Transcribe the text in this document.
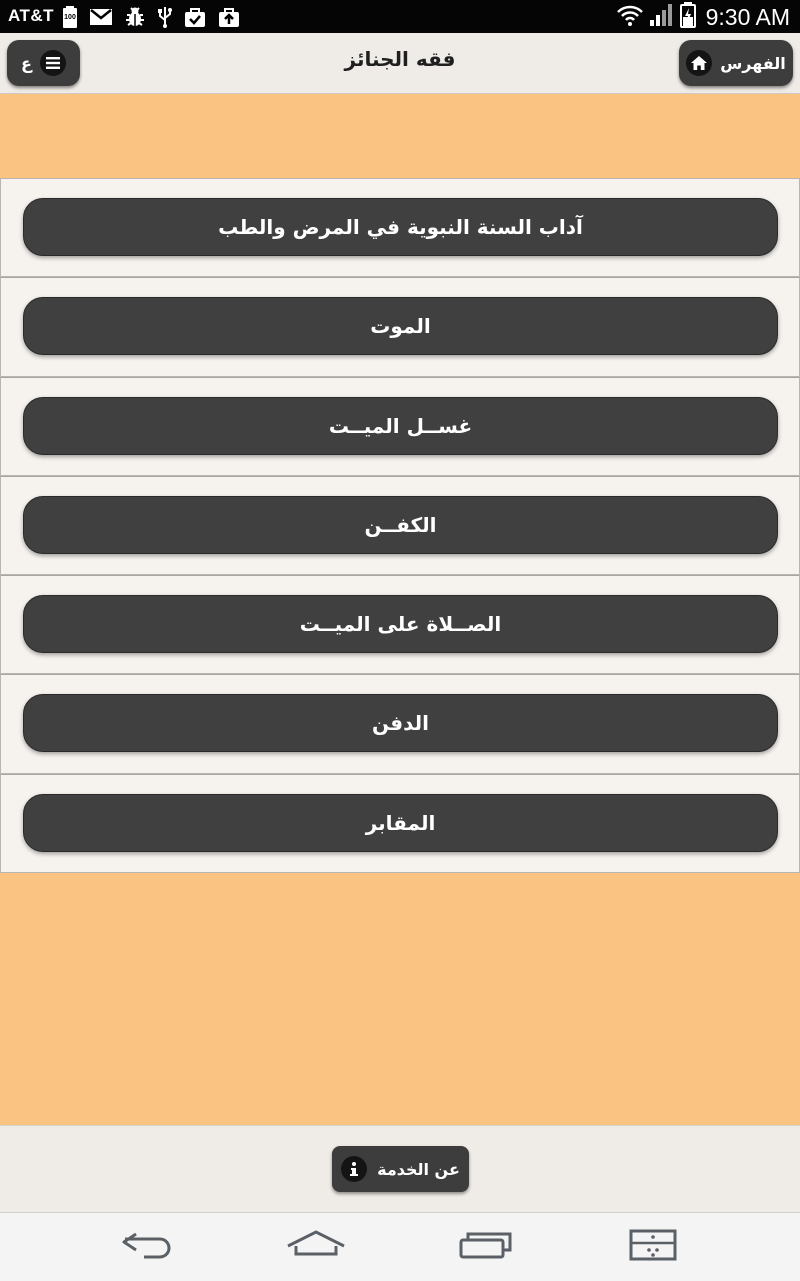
AT&T	100	9:30 AM
ع	فقه الجنائز	الفهرس
آداب السنة النبوية في المرض والطب
الموت
غســل الميــت
الكفــن
الصــلاة على الميــت
الدفن
المقابر
عن الخدمة
